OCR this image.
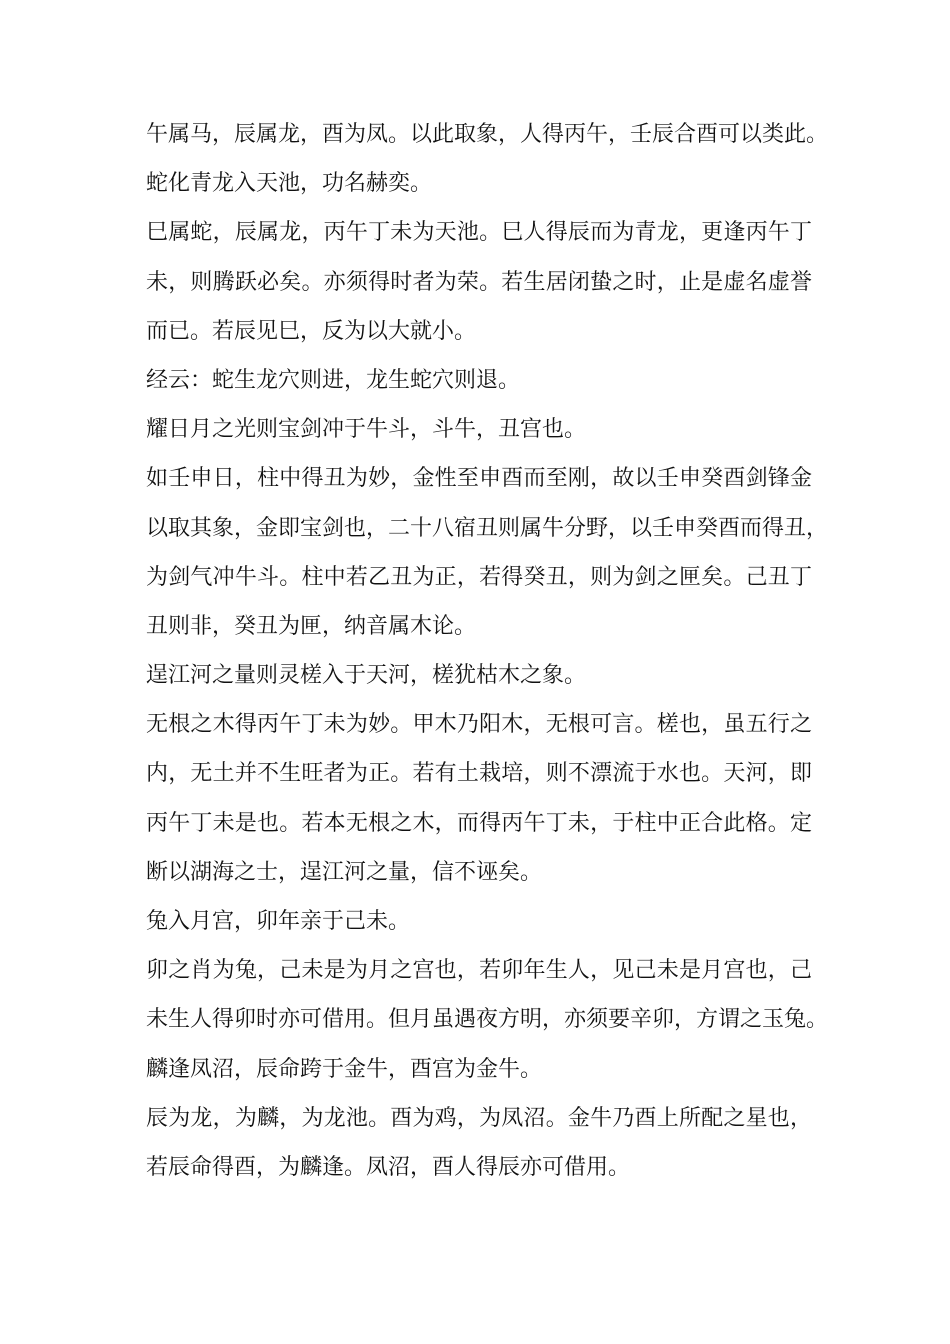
午属马，辰属龙，酉为凤。以此取象，人得丙午，壬辰合酉可以类此。
蛇化青龙入天池，功名赫奕。
巳属蛇，辰属龙，丙午丁未为天池。巳人得辰而为青龙，更逢丙午丁
未，则腾跃必矣。亦须得时者为荣。若生居闭蛰之时，止是虚名虚誉
而已。若辰见巳，反为以大就小。
经云：蛇生龙穴则进，龙生蛇穴则退。
耀日月之光则宝剑冲于牛斗，斗牛，丑宫也。
如壬申日，柱中得丑为妙，金性至申酉而至刚，故以壬申癸酉剑锋金
以取其象，金即宝剑也，二十八宿丑则属牛分野，以壬申癸酉而得丑，
为剑气冲牛斗。柱中若乙丑为正，若得癸丑，则为剑之匣矣。己丑丁
丑则非，癸丑为匣，纳音属木论。
逞江河之量则灵槎入于天河，槎犹枯木之象。
无根之木得丙午丁未为妙。甲木乃阳木，无根可言。槎也，虽五行之
内，无土并不生旺者为正。若有土栽培，则不漂流于水也。天河，即
丙午丁未是也。若本无根之木，而得丙午丁未，于柱中正合此格。定
断以湖海之士，逞江河之量，信不诬矣。
兔入月宫，卯年亲于己未。
卯之肖为兔，己未是为月之宫也，若卯年生人，见己未是月宫也，己
未生人得卯时亦可借用。但月虽遇夜方明，亦须要辛卯，方谓之玉兔。
麟逢凤沼，辰命跨于金牛，酉宫为金牛。
辰为龙，为麟，为龙池。酉为鸡，为凤沼。金牛乃酉上所配之星也，
若辰命得酉，为麟逢。凤沼，酉人得辰亦可借用。
